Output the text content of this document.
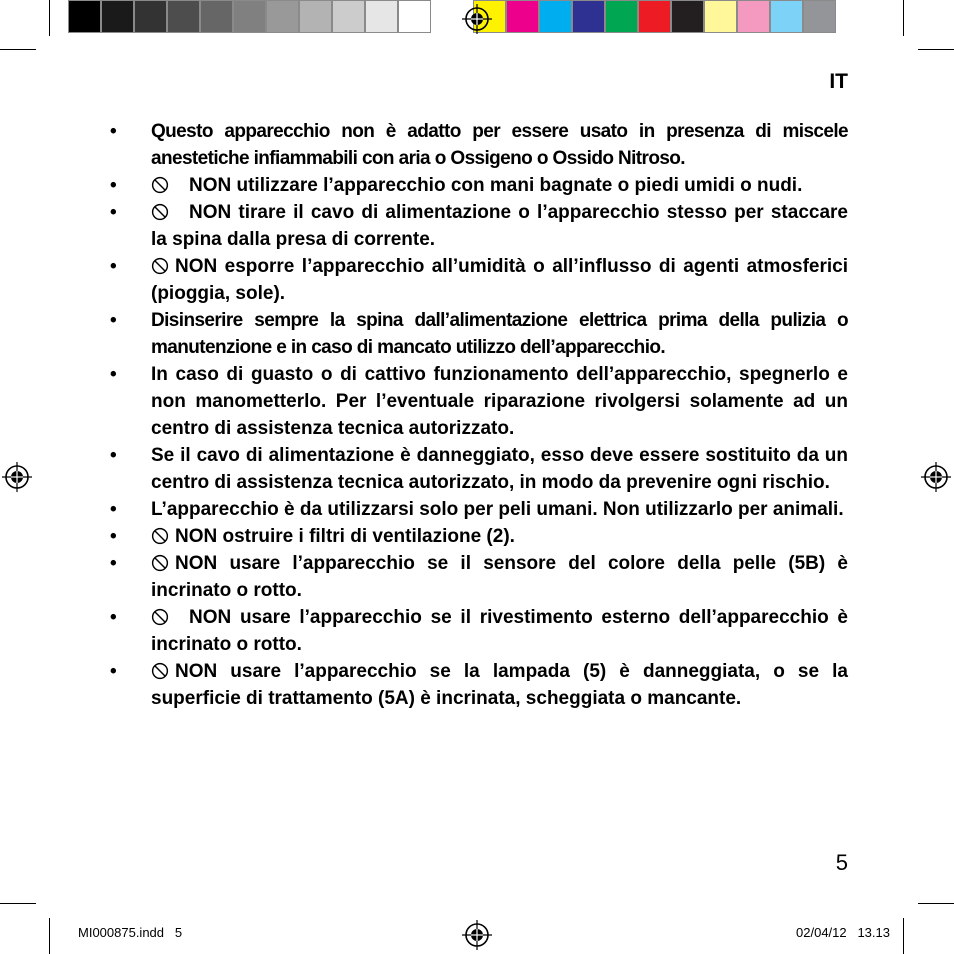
IT
• Questo apparecchio non è adatto per essere usato in presenza di miscele anestetiche infiammabili con aria o Ossigeno o Ossido Nitroso.
•	NON utilizzare l’apparecchio con mani bagnate o piedi umidi o nudi.
•	NON tirare il cavo di alimentazione o l’apparecchio stesso per staccare la spina dalla presa di corrente.
•	NON esporre l’apparecchio all’umidità o all’influsso di agenti atmosferici (pioggia, sole).
• Disinserire sempre la spina dall’alimentazione elettrica prima della pulizia o manutenzione e in caso di mancato utilizzo dell’apparecchio.
• In caso di guasto o di cattivo funzionamento dell’apparecchio, spegnerlo e non manometterlo. Per l’eventuale riparazione rivolgersi solamente ad un centro di assistenza tecnica autorizzato.
• Se il cavo di alimentazione è danneggiato, esso deve essere sostituito da un centro di assistenza tecnica autorizzato, in modo da prevenire ogni rischio.
• L’apparecchio è da utilizzarsi solo per peli umani. Non utilizzarlo per animali.
•	NON ostruire i filtri di ventilazione (2).
•	NON usare l’apparecchio se il sensore del colore della pelle (5B) è incrinato o rotto.
•	NON usare l’apparecchio se il rivestimento esterno dell’apparecchio è incrinato o rotto.
•	NON usare l’apparecchio se la lampada (5) è danneggiata, o se la superficie di trattamento (5A) è incrinata, scheggiata o mancante.
5
MI000875.indd   5	02/04/12   13.13
